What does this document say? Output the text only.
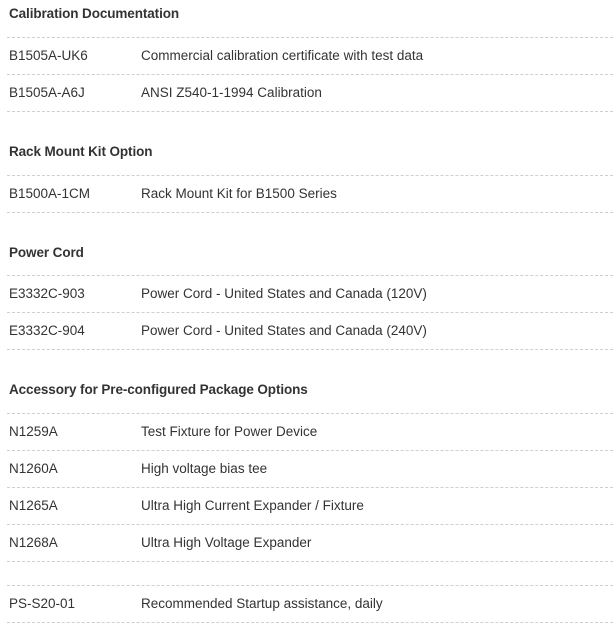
Calibration Documentation
B1505A-UK6	Commercial calibration certificate with test data
B1505A-A6J	ANSI Z540-1-1994 Calibration
Rack Mount Kit Option
B1500A-1CM	Rack Mount Kit for B1500 Series
Power Cord
E3332C-903	Power Cord - United States and Canada (120V)
E3332C-904	Power Cord - United States and Canada (240V)
Accessory for Pre-configured Package Options
N1259A	Test Fixture for Power Device
N1260A	High voltage bias tee
N1265A	Ultra High Current Expander / Fixture
N1268A	Ultra High Voltage Expander
PS-S20-01	Recommended Startup assistance, daily
